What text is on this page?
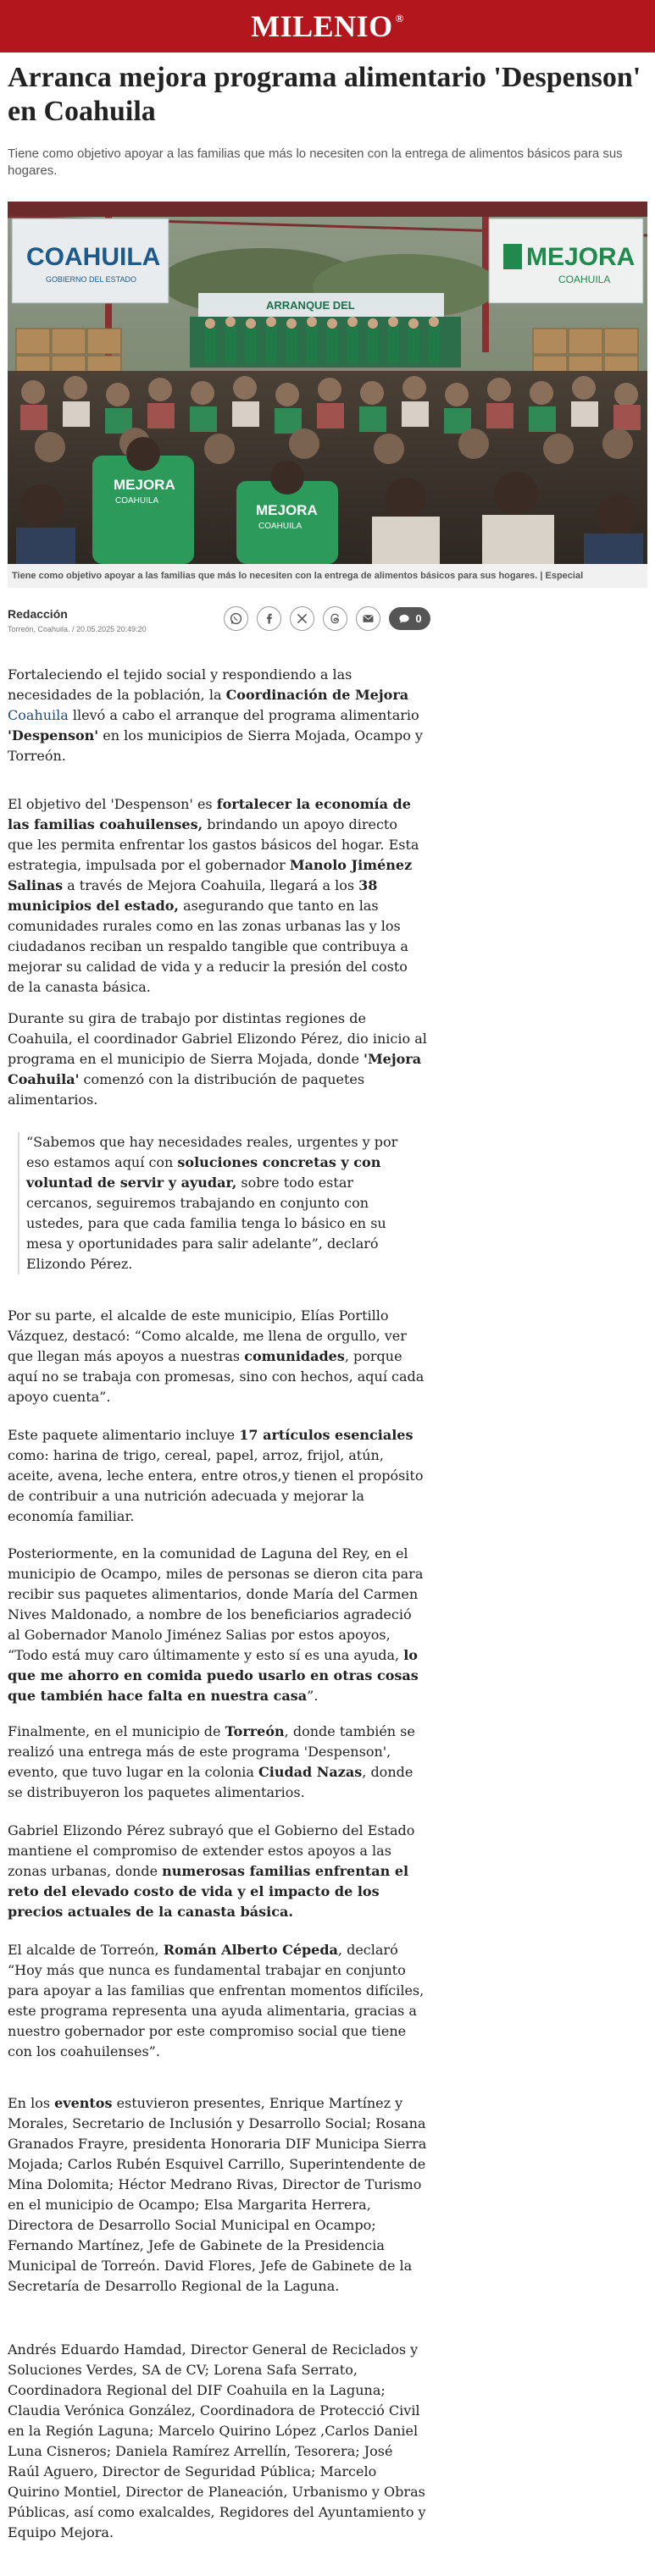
MILENIO ®
Arranca mejora programa alimentario 'Despenson' en Coahuila

Tiene como objetivo apoyar a las familias que más lo necesiten con la entrega de alimentos básicos para sus hogares.

COAHUILA
GOBIERNO DEL ESTADO
MEJORA
COAHUILA
ARRANQUE DEL
MEJORA
COAHUILA
MEJORA
COAHUILA
Tiene como objetivo apoyar a las familias que más lo necesiten con la entrega de alimentos básicos para sus hogares. | Especial
Redacción
Torreón, Coahuila. / 20.05.2025 20:49:20
0

Fortaleciendo el tejido social y respondiendo a las necesidades de la población, la Coordinación de Mejora Coahuila llevó a cabo el arranque del programa alimentario 'Despenson' en los municipios de Sierra Mojada, Ocampo y Torreón.

El objetivo del 'Despenson' es fortalecer la economía de las familias coahuilenses, brindando un apoyo directo que les permita enfrentar los gastos básicos del hogar. Esta estrategia, impulsada por el gobernador Manolo Jiménez Salinas a través de Mejora Coahuila, llegará a los 38 municipios del estado, asegurando que tanto en las comunidades rurales como en las zonas urbanas las y los ciudadanos reciban un respaldo tangible que contribuya a mejorar su calidad de vida y a reducir la presión del costo de la canasta básica.

Durante su gira de trabajo por distintas regiones de Coahuila, el coordinador Gabriel Elizondo Pérez, dio inicio al programa en el municipio de Sierra Mojada, donde 'Mejora Coahuila' comenzó con la distribución de paquetes alimentarios.

“Sabemos que hay necesidades reales, urgentes y por eso estamos aquí con soluciones concretas y con voluntad de servir y ayudar, sobre todo estar cercanos, seguiremos trabajando en conjunto con ustedes, para que cada familia tenga lo básico en su mesa y oportunidades para salir adelante”, declaró Elizondo Pérez.

Por su parte, el alcalde de este municipio, Elías Portillo Vázquez, destacó: “Como alcalde, me llena de orgullo, ver que llegan más apoyos a nuestras comunidades, porque aquí no se trabaja con promesas, sino con hechos, aquí cada apoyo cuenta”.

Este paquete alimentario incluye 17 artículos esenciales como: harina de trigo, cereal, papel, arroz, frijol, atún, aceite, avena, leche entera, entre otros,y tienen el propósito de contribuir a una nutrición adecuada y mejorar la economía familiar.

Posteriormente, en la comunidad de Laguna del Rey, en el municipio de Ocampo, miles de personas se dieron cita para recibir sus paquetes alimentarios, donde María del Carmen Nives Maldonado, a nombre de los beneficiarios agradeció al Gobernador Manolo Jiménez Salias por estos apoyos, “Todo está muy caro últimamente y esto sí es una ayuda, lo que me ahorro en comida puedo usarlo en otras cosas que también hace falta en nuestra casa”.

Finalmente, en el municipio de Torreón, donde también se realizó una entrega más de este programa 'Despenson', evento, que tuvo lugar en la colonia Ciudad Nazas, donde se distribuyeron los paquetes alimentarios.

Gabriel Elizondo Pérez subrayó que el Gobierno del Estado mantiene el compromiso de extender estos apoyos a las zonas urbanas, donde numerosas familias enfrentan el reto del elevado costo de vida y el impacto de los precios actuales de la canasta básica.

El alcalde de Torreón, Román Alberto Cépeda, declaró “Hoy más que nunca es fundamental trabajar en conjunto para apoyar a las familias que enfrentan momentos difíciles, este programa representa una ayuda alimentaria, gracias a nuestro gobernador por este compromiso social que tiene con los coahuilenses”.

En los eventos estuvieron presentes, Enrique Martínez y Morales, Secretario de Inclusión y Desarrollo Social; Rosana Granados Frayre, presidenta Honoraria DIF Municipa Sierra Mojada; Carlos Rubén Esquivel Carrillo, Superintendente de Mina Dolomita; Héctor Medrano Rivas, Director de Turismo en el municipio de Ocampo; Elsa Margarita Herrera, Directora de Desarrollo Social Municipal en Ocampo; Fernando Martínez, Jefe de Gabinete de la Presidencia Municipal de Torreón. David Flores, Jefe de Gabinete de la Secretaría de Desarrollo Regional de la Laguna.

Andrés Eduardo Hamdad, Director General de Reciclados y Soluciones Verdes, SA de CV; Lorena Safa Serrato, Coordinadora Regional del DIF Coahuila en la Laguna; Claudia Verónica González, Coordinadora de Protecció Civil en la Región Laguna; Marcelo Quirino López ,Carlos Daniel Luna Cisneros; Daniela Ramírez Arrellín, Tesorera; José Raúl Aguero, Director de Seguridad Pública; Marcelo Quirino Montiel, Director de Planeación, Urbanismo y Obras Públicas, así como exalcaldes, Regidores del Ayuntamiento y Equipo Mejora.
